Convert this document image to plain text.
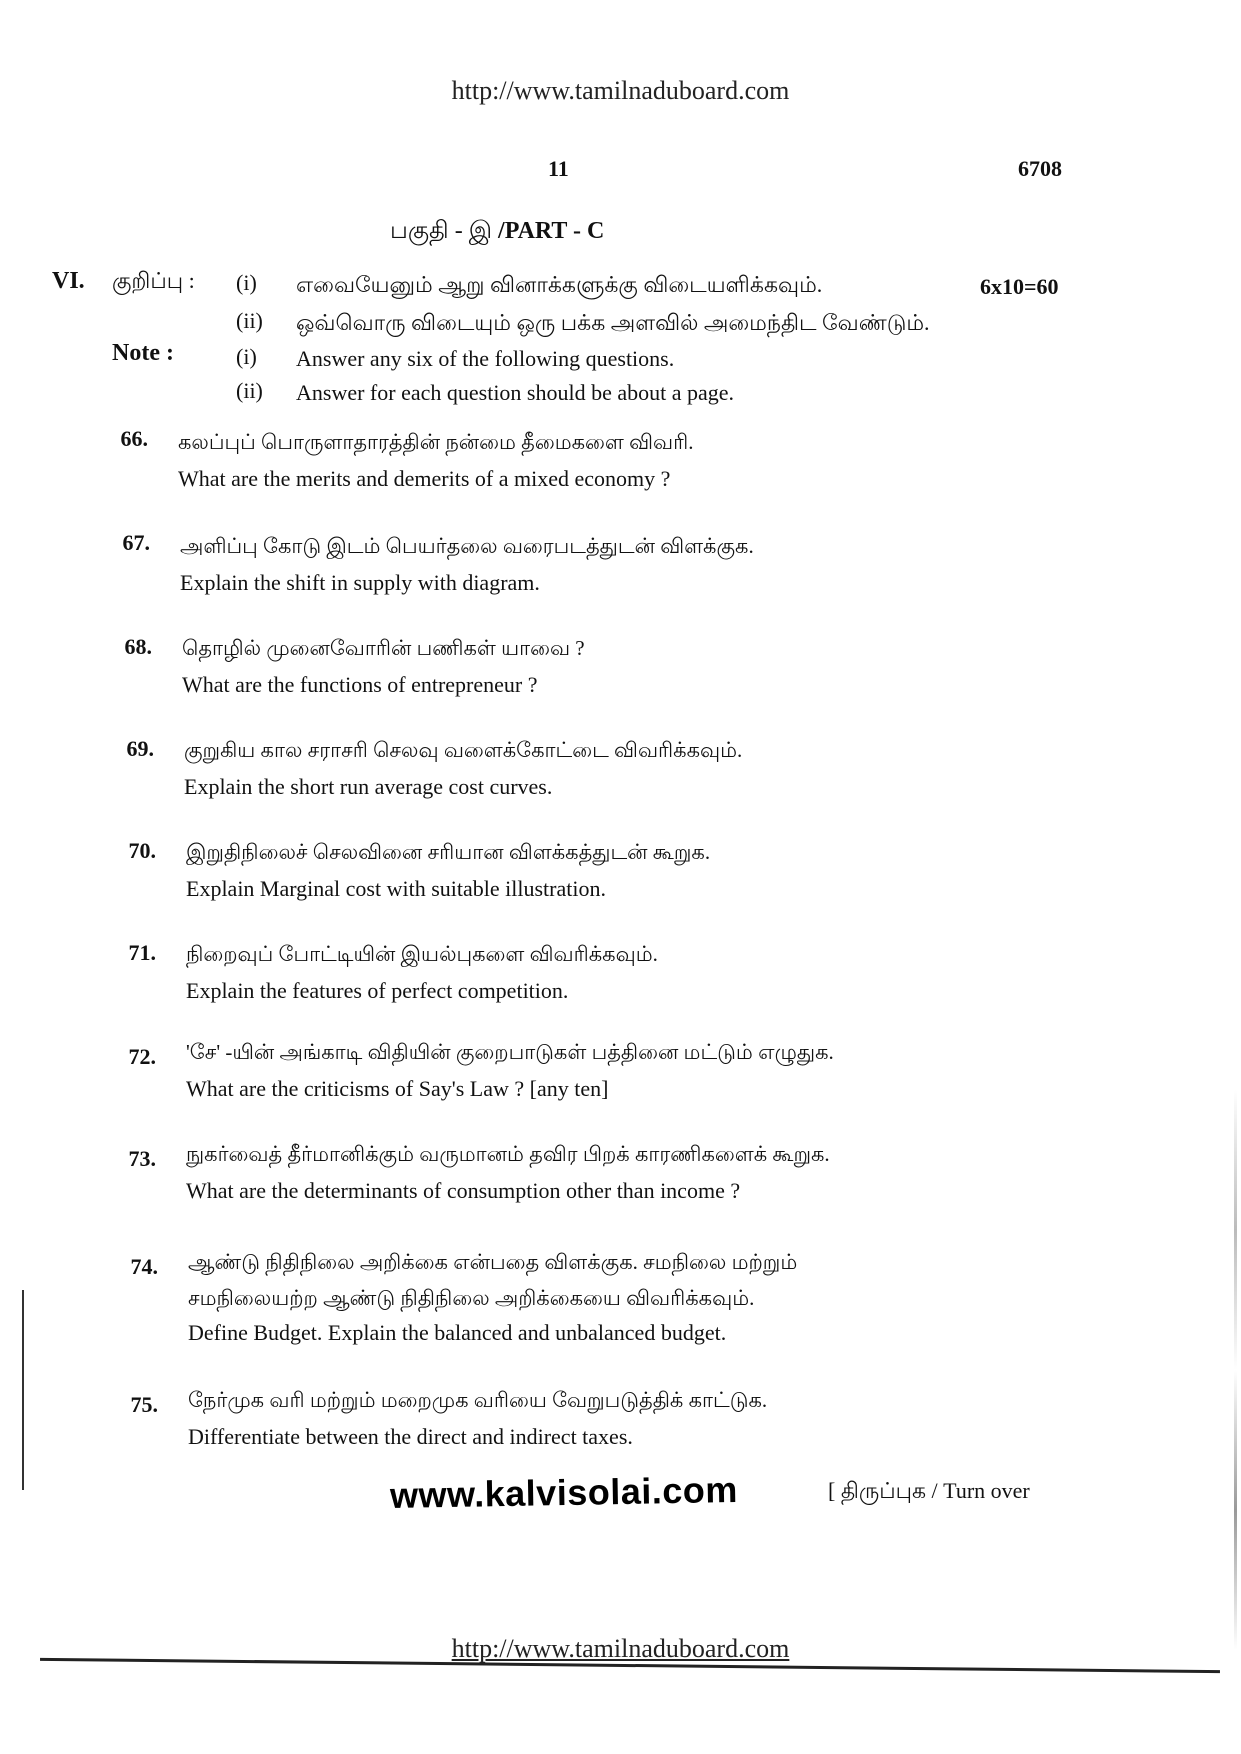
http://www.tamilnaduboard.com
11	6708
பகுதி - இ /PART - C
VI. குறிப்பு :	6x10=60
Note :
(i) எவையேனும் ஆறு வினாக்களுக்கு விடையளிக்கவும்.
(ii) ஒவ்வொரு விடையும் ஒரு பக்க அளவில் அமைந்திட வேண்டும்.
(i) Answer any six of the following questions.
(ii) Answer for each question should be about a page.
66. கலப்புப் பொருளாதாரத்தின் நன்மை தீமைகளை விவரி.
What are the merits and demerits of a mixed economy ?
67. அளிப்பு கோடு இடம் பெயர்தலை வரைபடத்துடன் விளக்குக.
Explain the shift in supply with diagram.
68. தொழில் முனைவோரின் பணிகள் யாவை ?
What are the functions of entrepreneur ?
69. குறுகிய கால சராசரி செலவு வளைக்கோட்டை விவரிக்கவும்.
Explain the short run average cost curves.
70. இறுதிநிலைச் செலவினை சரியான விளக்கத்துடன் கூறுக.
Explain Marginal cost with suitable illustration.
71. நிறைவுப் போட்டியின் இயல்புகளை விவரிக்கவும்.
Explain the features of perfect competition.
72. 'சே' -யின் அங்காடி விதியின் குறைபாடுகள் பத்தினை மட்டும் எழுதுக.
What are the criticisms of Say's Law ? [any ten]
73. நுகர்வைத் தீர்மானிக்கும் வருமானம் தவிர பிறக் காரணிகளைக் கூறுக.
What are the determinants of consumption other than income ?
74. ஆண்டு நிதிநிலை அறிக்கை என்பதை விளக்குக. சமநிலை மற்றும்
சமநிலையற்ற ஆண்டு நிதிநிலை அறிக்கையை விவரிக்கவும்.
Define Budget. Explain the balanced and unbalanced budget.
75. நேர்முக வரி மற்றும் மறைமுக வரியை வேறுபடுத்திக் காட்டுக.
Differentiate between the direct and indirect taxes.
www.kalvisolai.com	[ திருப்புக / Turn over
http://www.tamilnaduboard.com
